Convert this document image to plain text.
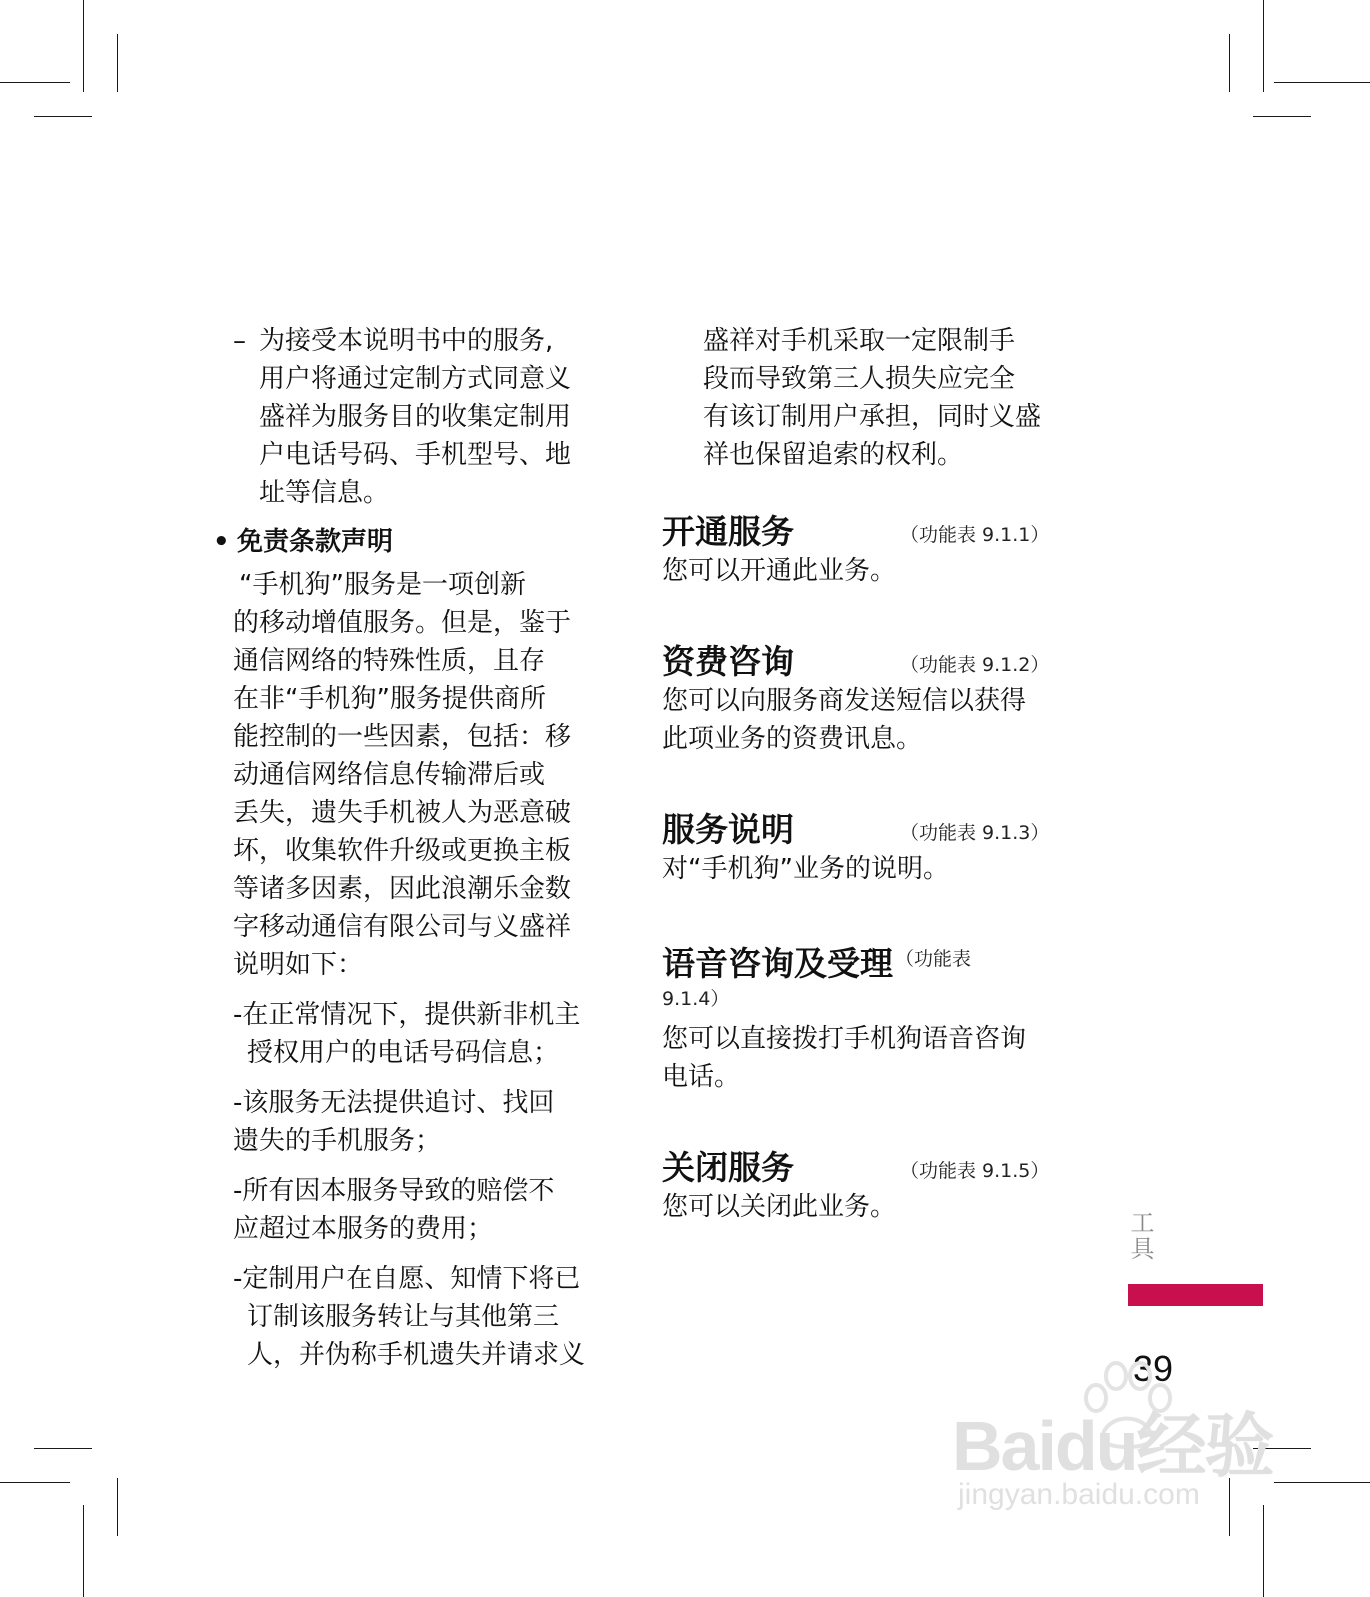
– 为接受本说明书中的服务,
用户将通过定制方式同意义
盛祥为服务目的收集定制用
户电话号码、手机型号、地
址等信息。
• 免责条款声明
“手机狗”服务是一项创新
的移动增值服务。但是，鉴于
通信网络的特殊性质，且存
在非“手机狗”服务提供商所
能控制的一些因素，包括：移
动通信网络信息传输滞后或
丢失，遗失手机被人为恶意破
坏，收集软件升级或更换主板
等诸多因素，因此浪潮乐金数
字移动通信有限公司与义盛祥
说明如下：
-在正常情况下，提供新非机主
授权用户的电话号码信息；
-该服务无法提供追讨、找回
遗失的手机服务；
-所有因本服务导致的赔偿不
应超过本服务的费用；
-定制用户在自愿、知情下将已
订制该服务转让与其他第三
人，并伪称手机遗失并请求义
盛祥对手机采取一定限制手
段而导致第三人损失应完全
有该订制用户承担，同时义盛
祥也保留追索的权利。
开通服务	（功能表 9.1.1）
您可以开通此业务。
资费咨询	（功能表 9.1.2）
您可以向服务商发送短信以获得
此项业务的资费讯息。
服务说明	（功能表 9.1.3）
对“手机狗”业务的说明。
语音咨询及受理 $^{(功能表}$
9.1.4）
您可以直接拨打手机狗语音咨询
电话。
关闭服务	（功能表 9.1.5）
您可以关闭此业务。
工具
39
Baidu经验
jingyan.baidu.com
